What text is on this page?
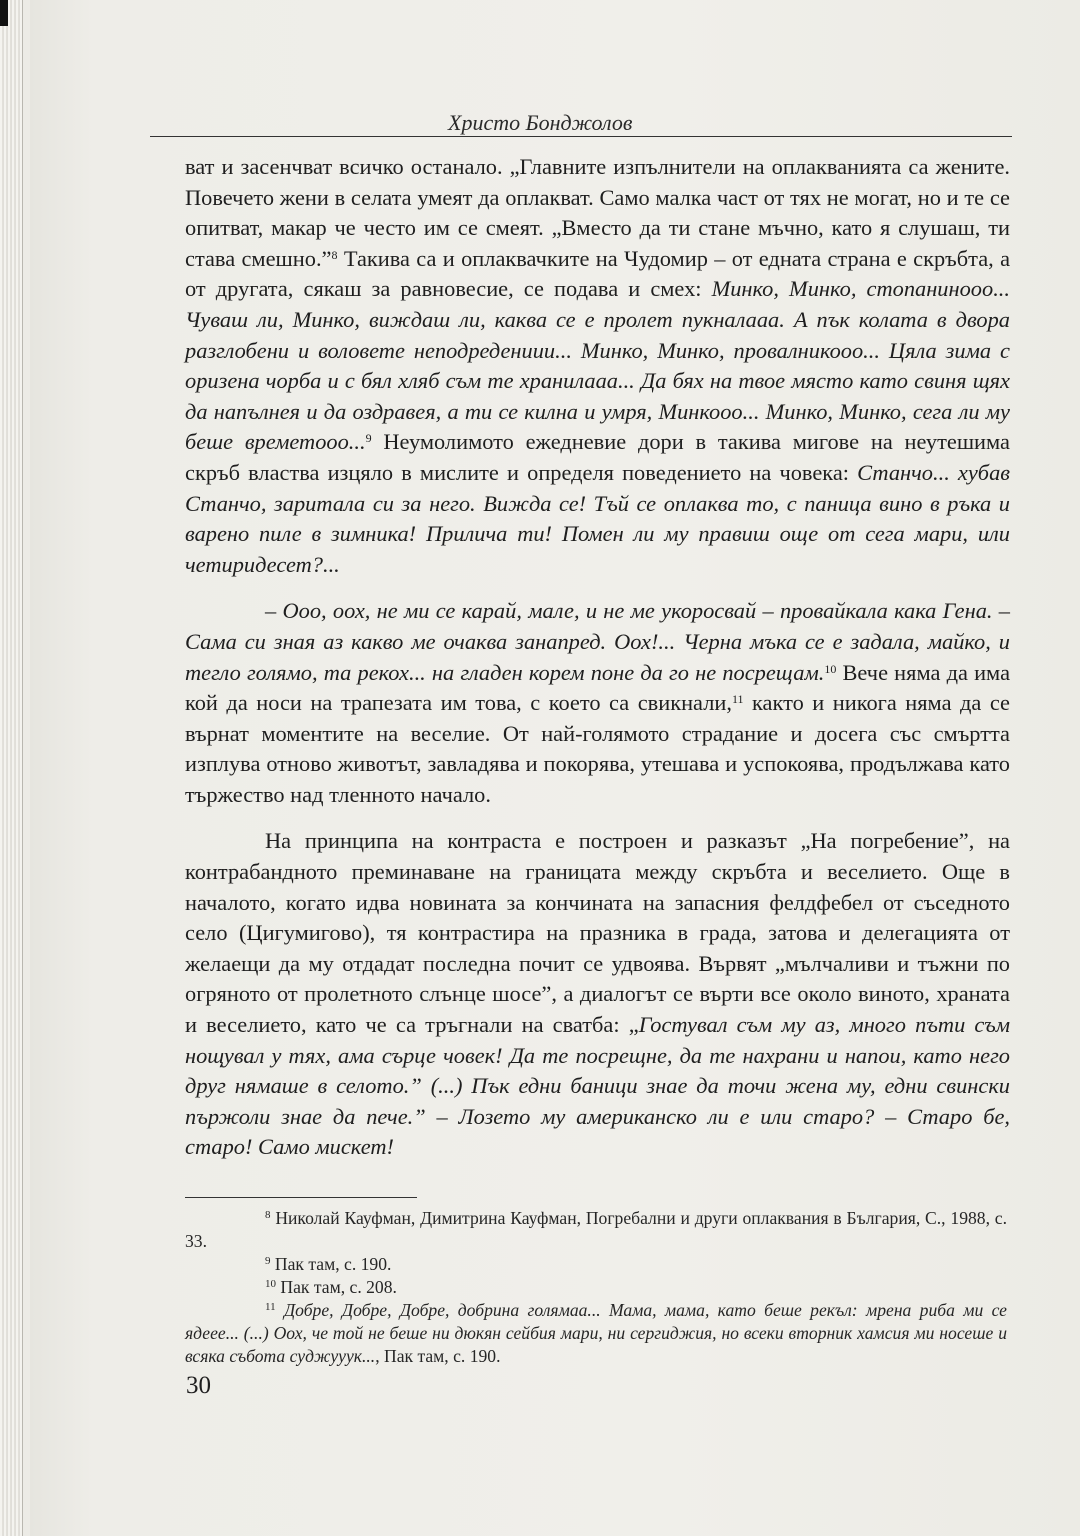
Христо Бонджолов

ват и засенчват всичко останало. „Главните изпълнители на оплакванията са жените. Повечето жени в селата умеят да оплакват. Само малка част от тях не могат, но и те се опитват, макар че често им се смеят. „Вместо да ти стане мъчно, като я слушаш, ти става смешно.”$^8$ Такива са и оплаквачките на Чудомир – от едната страна е скръбта, а от другата, сякаш за равновесие, се подава и смех: Минко, Минко, стопаниноoo... Чуваш ли, Минко, виждаш ли, каква се е пролет пукналааа. А пък колата в двора разглобени и воловете неподредениии... Минко, Минко, провалникоoo... Цяла зима с оризена чорба и с бял хляб съм те хранилааа... Да бях на твое място като свиня щях да напълнея и да оздравея, а ти се килна и умря, Минкоoo... Минко, Минко, сега ли му беше времетоoo...$^9$ Неумолимото ежедневие дори в такива мигове на неутешима скръб властва изцяло в мислите и определя поведението на човека: Станчо... хубав Станчо, заритала си за него. Вижда се! Тъй се оплаква то, с паница вино в ръка и варено пиле в зимника! Прилича ти! Помен ли му правиш още от сега мари, или четиридесет?...

– Ооо, оох, не ми се карай, мале, и не ме укоросвай – провайкала кака Гена. – Сама си зная аз какво ме очаква занапред. Оох!... Черна мъка се е задала, майко, и тегло голямо, та рекох... на гладен корем поне да го не посрещам.$^{10}$ Вече няма да има кой да носи на трапезата им това, с което са свикнали,$^{11}$ както и никога няма да се върнат моментите на веселие. От най-голямото страдание и досега със смъртта изплува отново животът, завладява и покорява, утешава и успокоява, продължава като тържество над тленното начало.

На принципа на контраста е построен и разказът „На погребение”, на контрабандното преминаване на границата между скръбта и веселието. Още в началото, когато идва новината за кончината на запасния фелдфебел от съседното село (Цигумигово), тя контрастира на празника в града, затова и делегацията от желаещи да му отдадат последна почит се удвоява. Вървят „мълчаливи и тъжни по огряното от пролетното слънце шосе”, а диалогът се върти все около виното, храната и веселието, като че са тръгнали на сватба: „Гостувал съм му аз, много пъти съм нощувал у тях, ама сърце човек! Да те посрещне, да те нахрани и напои, като него друг нямаше в селото.” (...) Пък едни баници знае да точи жена му, едни свински пържоли знае да пече.” – Лозето му американско ли е или старо? – Старо бе, старо! Само мискет!

$^8$ Николай Кауфман, Димитрина Кауфман, Погребални и други оплаквания в България, С., 1988, с. 33.

$^9$ Пак там, с. 190.

$^{10}$ Пак там, с. 208.

$^{11}$ Добре, Добре, Добре, добрина голямаа... Мама, мама, като беше рекъл: мрена риба ми се ядеее... (...) Оох, че той не беше ни дюкян сейбия мари, ни сергиджия, но всеки вторник хамсия ми носеше и всяка събота суджууук..., Пак там, с. 190.

30
